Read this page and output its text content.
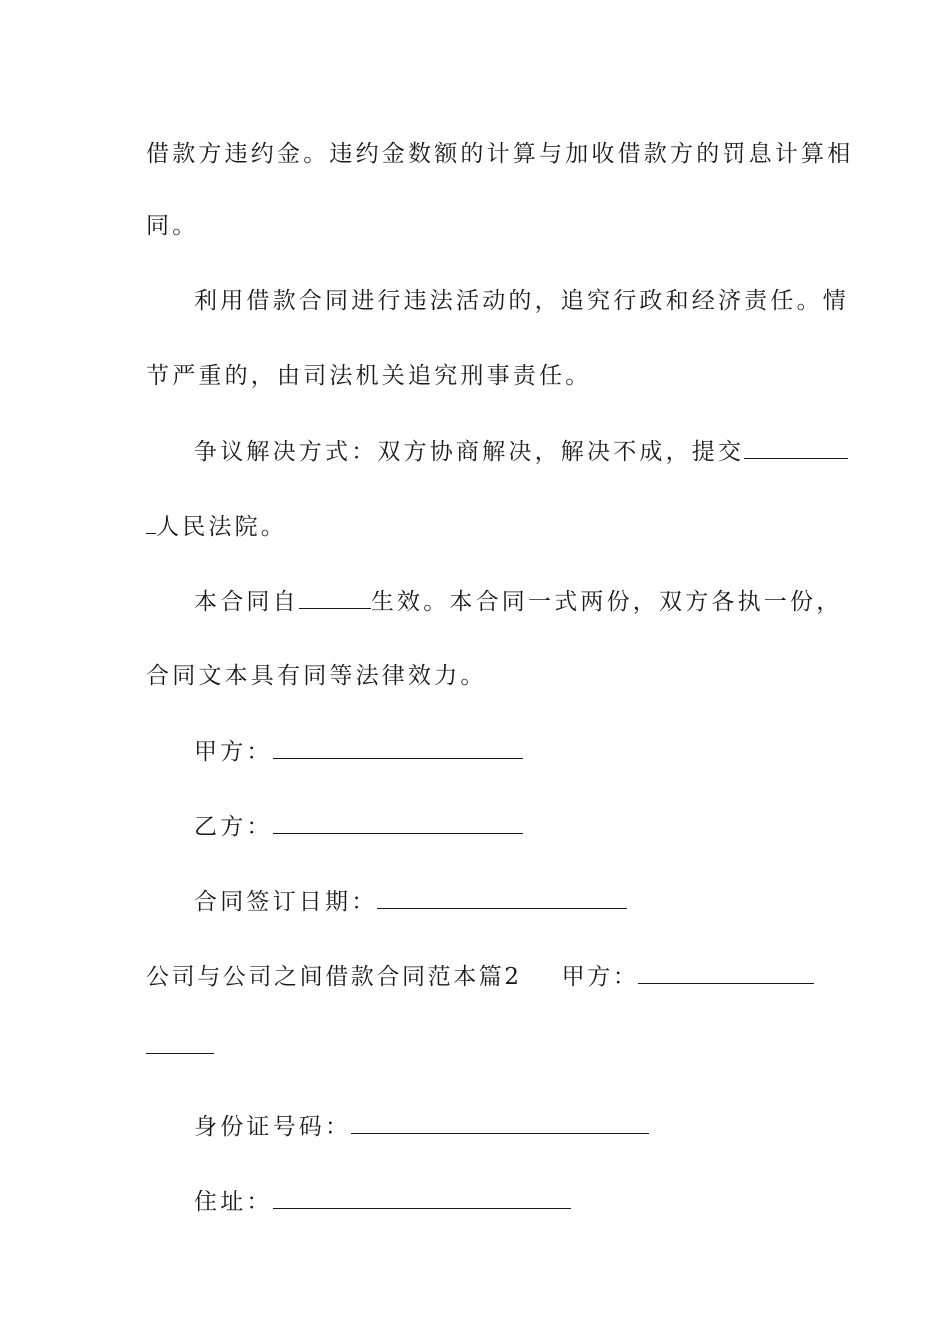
借款方违约金。违约金数额的计算与加收借款方的罚息计算相
同。
利用借款合同进行违法活动的，追究行政和经济责任。情
节严重的，由司法机关追究刑事责任。
争议解决方式：双方协商解决，解决不成，提交
人民法院。
本合同自	生效。本合同一式两份，双方各执一份，
合同文本具有同等法律效力。
甲方：
乙方：
合同签订日期：
公司与公司之间借款合同范本篇2 甲方：
身份证号码：
住址：
